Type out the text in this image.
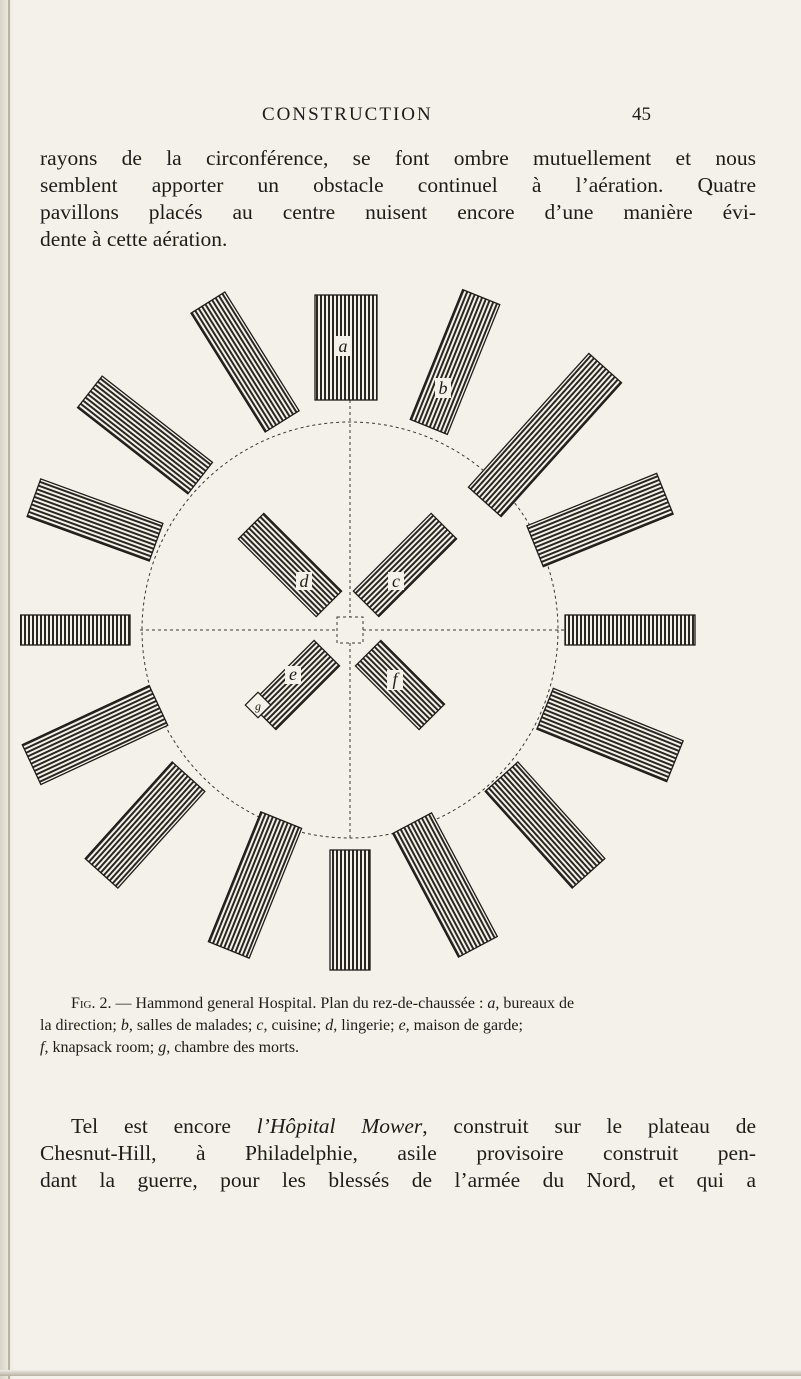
CONSTRUCTION	45

rayons de la circonférence, se font ombre mutuellement et nous
semblent apporter un obstacle continuel à l’aération. Quatre
pavillons placés au centre nuisent encore d’une manière évi-
dente à cette aération.

a
b
c
d
e	f
g

Fig. 2. — Hammond general Hospital. Plan du rez-de-chaussée : a, bureaux de
la direction; b, salles de malades; c, cuisine; d, lingerie; e, maison de garde;
f, knapsack room; g, chambre des morts.

Tel est encore l’Hôpital Mower, construit sur le plateau de
Chesnut-Hill, à Philadelphie, asile provisoire construit pen-
dant la guerre, pour les blessés de l’armée du Nord, et qui a
